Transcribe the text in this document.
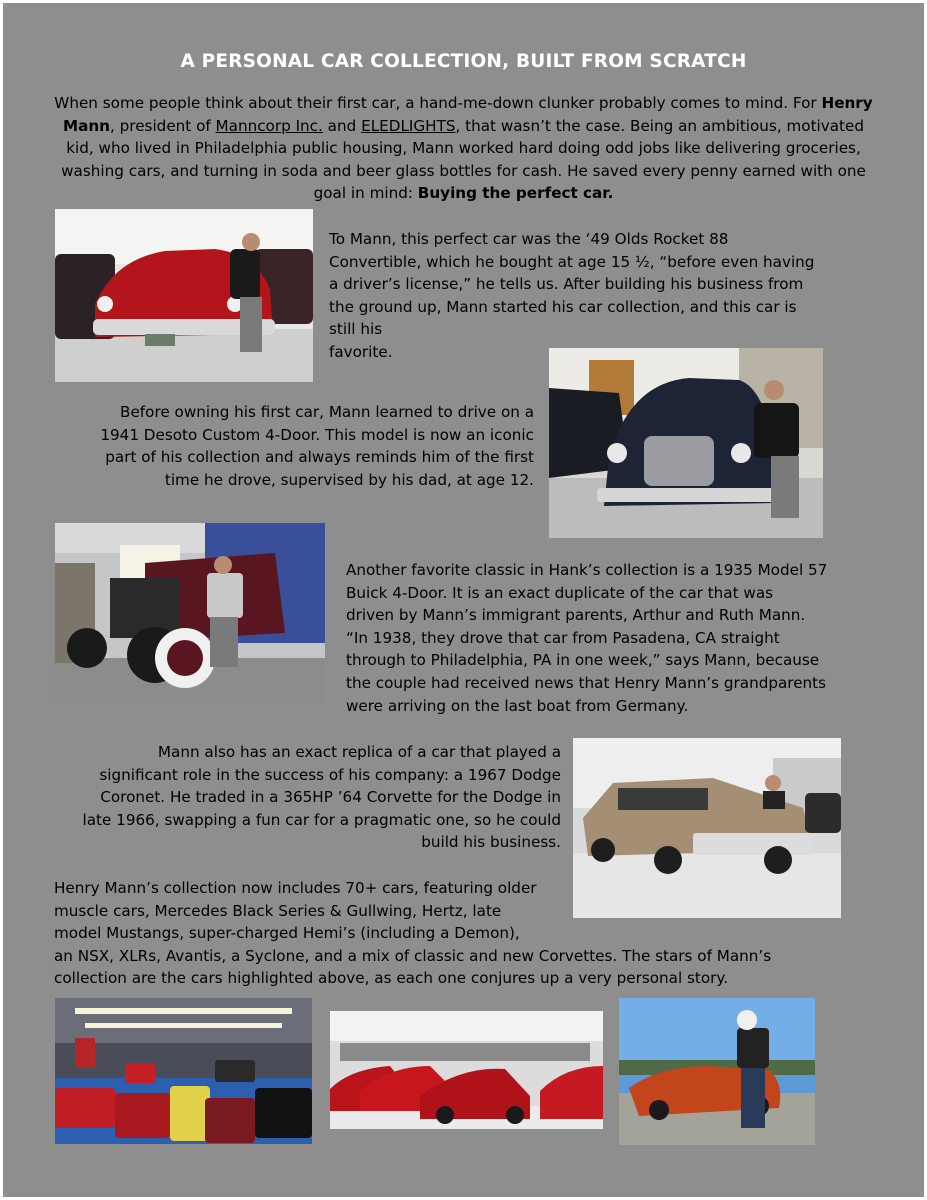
A PERSONAL CAR COLLECTION, BUILT FROM SCRATCH

When some people think about their first car, a hand-me-down clunker probably comes to mind. For Henry Mann, president of Manncorp Inc. and ELEDLIGHTS, that wasn’t the case. Being an ambitious, motivated kid, who lived in Philadelphia public housing, Mann worked hard doing odd jobs like delivering groceries, washing cars, and turning in soda and beer glass bottles for cash. He saved every penny earned with one goal in mind: Buying the perfect car.

To Mann, this perfect car was the ‘49 Olds Rocket 88
Convertible, which he bought at age 15 ½, “before even having
a driver’s license,” he tells us. After building his business from
the ground up, Mann started his car collection, and this car is
still his
favorite.
Before owning his first car, Mann learned to drive on a
1941 Desoto Custom 4-Door. This model is now an iconic
part of his collection and always reminds him of the first
time he drove, supervised by his dad, at age 12.
Another favorite classic in Hank’s collection is a 1935 Model 57
Buick 4-Door. It is an exact duplicate of the car that was
driven by Mann’s immigrant parents, Arthur and Ruth Mann.
“In 1938, they drove that car from Pasadena, CA straight
through to Philadelphia, PA in one week,” says Mann, because
the couple had received news that Henry Mann’s grandparents
were arriving on the last boat from Germany.
Mann also has an exact replica of a car that played a
significant role in the success of his company: a 1967 Dodge
Coronet. He traded in a 365HP ’64 Corvette for the Dodge in
late 1966, swapping a fun car for a pragmatic one, so he could
build his business.
Henry Mann’s collection now includes 70+ cars, featuring older
muscle cars, Mercedes Black Series & Gullwing, Hertz, late
model Mustangs, super-charged Hemi’s (including a Demon),
an NSX, XLRs, Avantis, a Syclone, and a mix of classic and new Corvettes. The stars of Mann’s
collection are the cars highlighted above, as each one conjures up a very personal story.
